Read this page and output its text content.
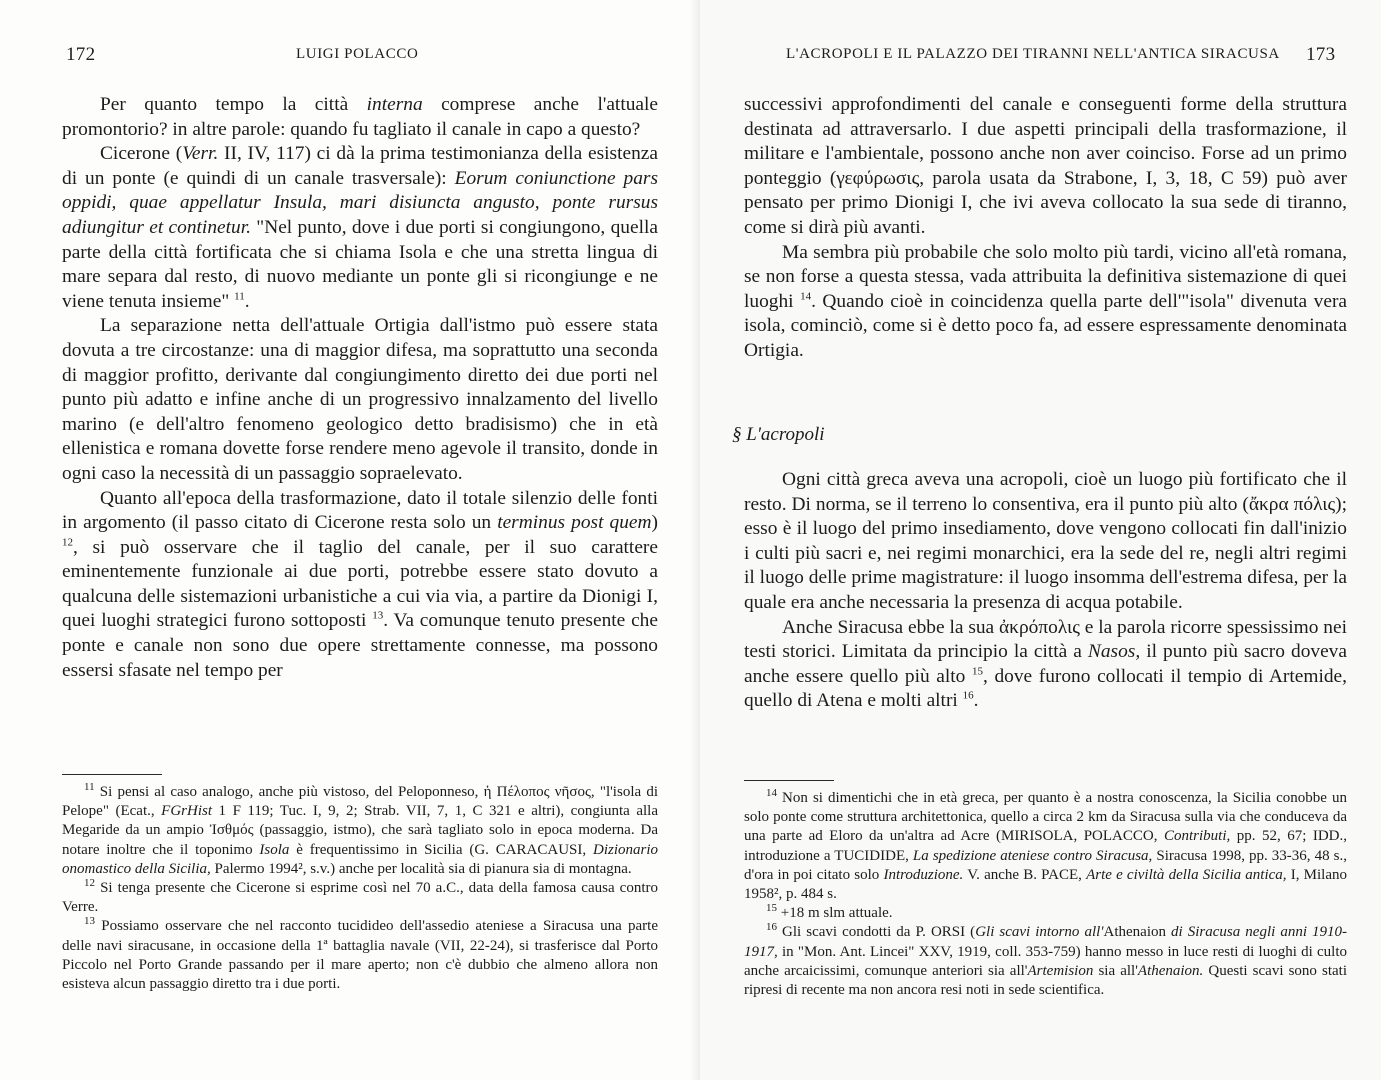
172	LUIGI POLACCO

Per quanto tempo la città interna comprese anche l'attuale promontorio? in altre parole: quando fu tagliato il canale in capo a questo?

Cicerone (Verr. II, IV, 117) ci dà la prima testimonianza della esistenza di un ponte (e quindi di un canale trasversale): Eorum coniunctione pars oppidi, quae appellatur Insula, mari disiuncta angusto, ponte rursus adiungitur et continetur. "Nel punto, dove i due porti si congiungono, quella parte della città fortificata che si chiama Isola e che una stretta lingua di mare separa dal resto, di nuovo mediante un ponte gli si ricongiunge e ne viene tenuta insieme" $^{11}$.

La separazione netta dell'attuale Ortigia dall'istmo può essere stata dovuta a tre circostanze: una di maggior difesa, ma soprattutto una seconda di maggior profitto, derivante dal congiungimento diretto dei due porti nel punto più adatto e infine anche di un progressivo innalzamento del livello marino (e dell'altro fenomeno geologico detto bradisismo) che in età ellenistica e romana dovette forse rendere meno agevole il transito, donde in ogni caso la necessità di un passaggio sopraelevato.

Quanto all'epoca della trasformazione, dato il totale silenzio delle fonti in argomento (il passo citato di Cicerone resta solo un terminus post quem) $^{12}$, si può osservare che il taglio del canale, per il suo carattere eminentemente funzionale ai due porti, potrebbe essere stato dovuto a qualcuna delle sistemazioni urbanistiche a cui via via, a partire da Dionigi I, quei luoghi strategici furono sottoposti $^{13}$. Va comunque tenuto presente che ponte e canale non sono due opere strettamente connesse, ma possono essersi sfasate nel tempo per

$^{11}$ Si pensi al caso analogo, anche più vistoso, del Peloponneso, ἡ Πέλοπος νῆσος, "l'isola di Pelope" (Ecat., FGrHist 1 F 119; Tuc. I, 9, 2; Strab. VII, 7, 1, C 321 e altri), congiunta alla Megaride da un ampio Ἰσθμός (passaggio, istmo), che sarà tagliato solo in epoca moderna. Da notare inoltre che il toponimo Isola è frequentissimo in Sicilia (G. CARACAUSI, Dizionario onomastico della Sicilia, Palermo 1994², s.v.) anche per località sia di pianura sia di montagna.

$^{12}$ Si tenga presente che Cicerone si esprime così nel 70 a.C., data della famosa causa contro Verre.

$^{13}$ Possiamo osservare che nel racconto tucidideo dell'assedio ateniese a Siracusa una parte delle navi siracusane, in occasione della 1ª battaglia navale (VII, 22-24), si trasferisce dal Porto Piccolo nel Porto Grande passando per il mare aperto; non c'è dubbio che almeno allora non esisteva alcun passaggio diretto tra i due porti.

L'ACROPOLI E IL PALAZZO DEI TIRANNI NELL'ANTICA SIRACUSA 173

successivi approfondimenti del canale e conseguenti forme della struttura destinata ad attraversarlo. I due aspetti principali della trasformazione, il militare e l'ambientale, possono anche non aver coinciso. Forse ad un primo ponteggio (γεφύρωσις, parola usata da Strabone, I, 3, 18, C 59) può aver pensato per primo Dionigi I, che ivi aveva collocato la sua sede di tiranno, come si dirà più avanti.

Ma sembra più probabile che solo molto più tardi, vicino all'età romana, se non forse a questa stessa, vada attribuita la definitiva sistemazione di quei luoghi $^{14}$. Quando cioè in coincidenza quella parte dell'"isola" divenuta vera isola, cominciò, come si è detto poco fa, ad essere espressamente denominata Ortigia.

§ L'acropoli

Ogni città greca aveva una acropoli, cioè un luogo più fortificato che il resto. Di norma, se il terreno lo consentiva, era il punto più alto (ἄκρα πόλις); esso è il luogo del primo insediamento, dove vengono collocati fin dall'inizio i culti più sacri e, nei regimi monarchici, era la sede del re, negli altri regimi il luogo delle prime magistrature: il luogo insomma dell'estrema difesa, per la quale era anche necessaria la presenza di acqua potabile.

Anche Siracusa ebbe la sua ἀκρόπολις e la parola ricorre spessissimo nei testi storici. Limitata da principio la città a Nasos, il punto più sacro doveva anche essere quello più alto $^{15}$, dove furono collocati il tempio di Artemide, quello di Atena e molti altri $^{16}$.

$^{14}$ Non si dimentichi che in età greca, per quanto è a nostra conoscenza, la Sicilia conobbe un solo ponte come struttura architettonica, quello a circa 2 km da Siracusa sulla via che conduceva da una parte ad Eloro da un'altra ad Acre (MIRISOLA, POLACCO, Contributi, pp. 52, 67; IDD., introduzione a TUCIDIDE, La spedizione ateniese contro Siracusa, Siracusa 1998, pp. 33-36, 48 s., d'ora in poi citato solo Introduzione. V. anche B. PACE, Arte e civiltà della Sicilia antica, I, Milano 1958², p. 484 s.

$^{15}$ +18 m slm attuale.

$^{16}$ Gli scavi condotti da P. ORSI (Gli scavi intorno all'Athenaion di Siracusa negli anni 1910-1917, in "Mon. Ant. Lincei" XXV, 1919, coll. 353-759) hanno messo in luce resti di luoghi di culto anche arcaicissimi, comunque anteriori sia all'Artemision sia all'Athenaion. Questi scavi sono stati ripresi di recente ma non ancora resi noti in sede scientifica.
